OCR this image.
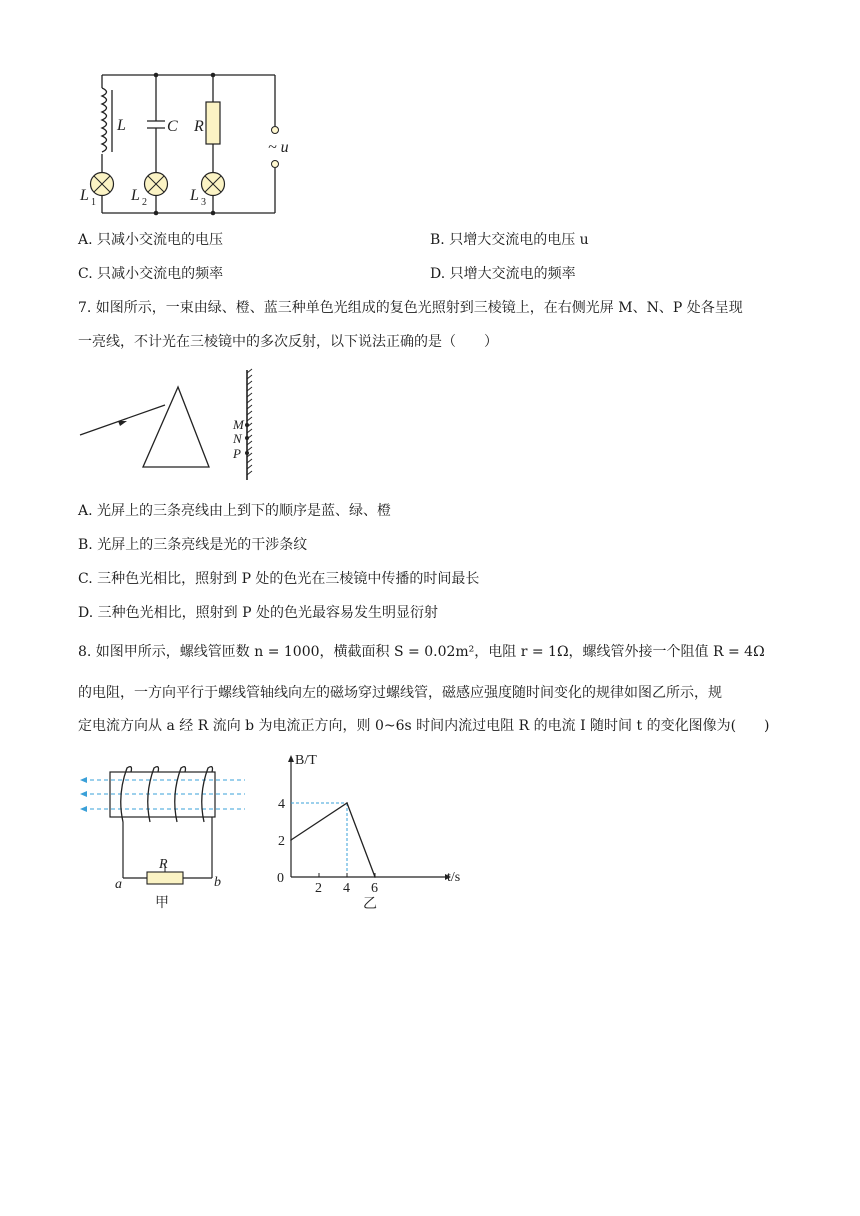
L	C R
~ u
L	L	L
1	2	3
A. 只减小交流电的电压	B. 只增大交流电的电压 u
C. 只减小交流电的频率	D. 只增大交流电的频率
7. 如图所示，一束由绿、橙、蓝三种单色光组成的复色光照射到三棱镜上，在右侧光屏 M、N、P 处各呈现
一亮线，不计光在三棱镜中的多次反射，以下说法正确的是（　　）
M
N
P
A. 光屏上的三条亮线由上到下的顺序是蓝、绿、橙
B. 光屏上的三条亮线是光的干涉条纹
C. 三种色光相比，照射到 P 处的色光在三棱镜中传播的时间最长
D. 三种色光相比，照射到 P 处的色光最容易发生明显衍射
8. 如图甲所示，螺线管匝数 n = 1000，横截面积 S = 0.02m²，电阻 r = 1Ω，螺线管外接一个阻值 R = 4Ω
的电阻，一方向平行于螺线管轴线向左的磁场穿过螺线管，磁感应强度随时间变化的规律如图乙所示，规
定电流方向从 a 经 R 流向 b 为电流正方向，则 0~6s 时间内流过电阻 R 的电流 I 随时间 t 的变化图像为(　　)
R
a	b
甲
2 4 6
2
4
B/T
t/s
0
乙
